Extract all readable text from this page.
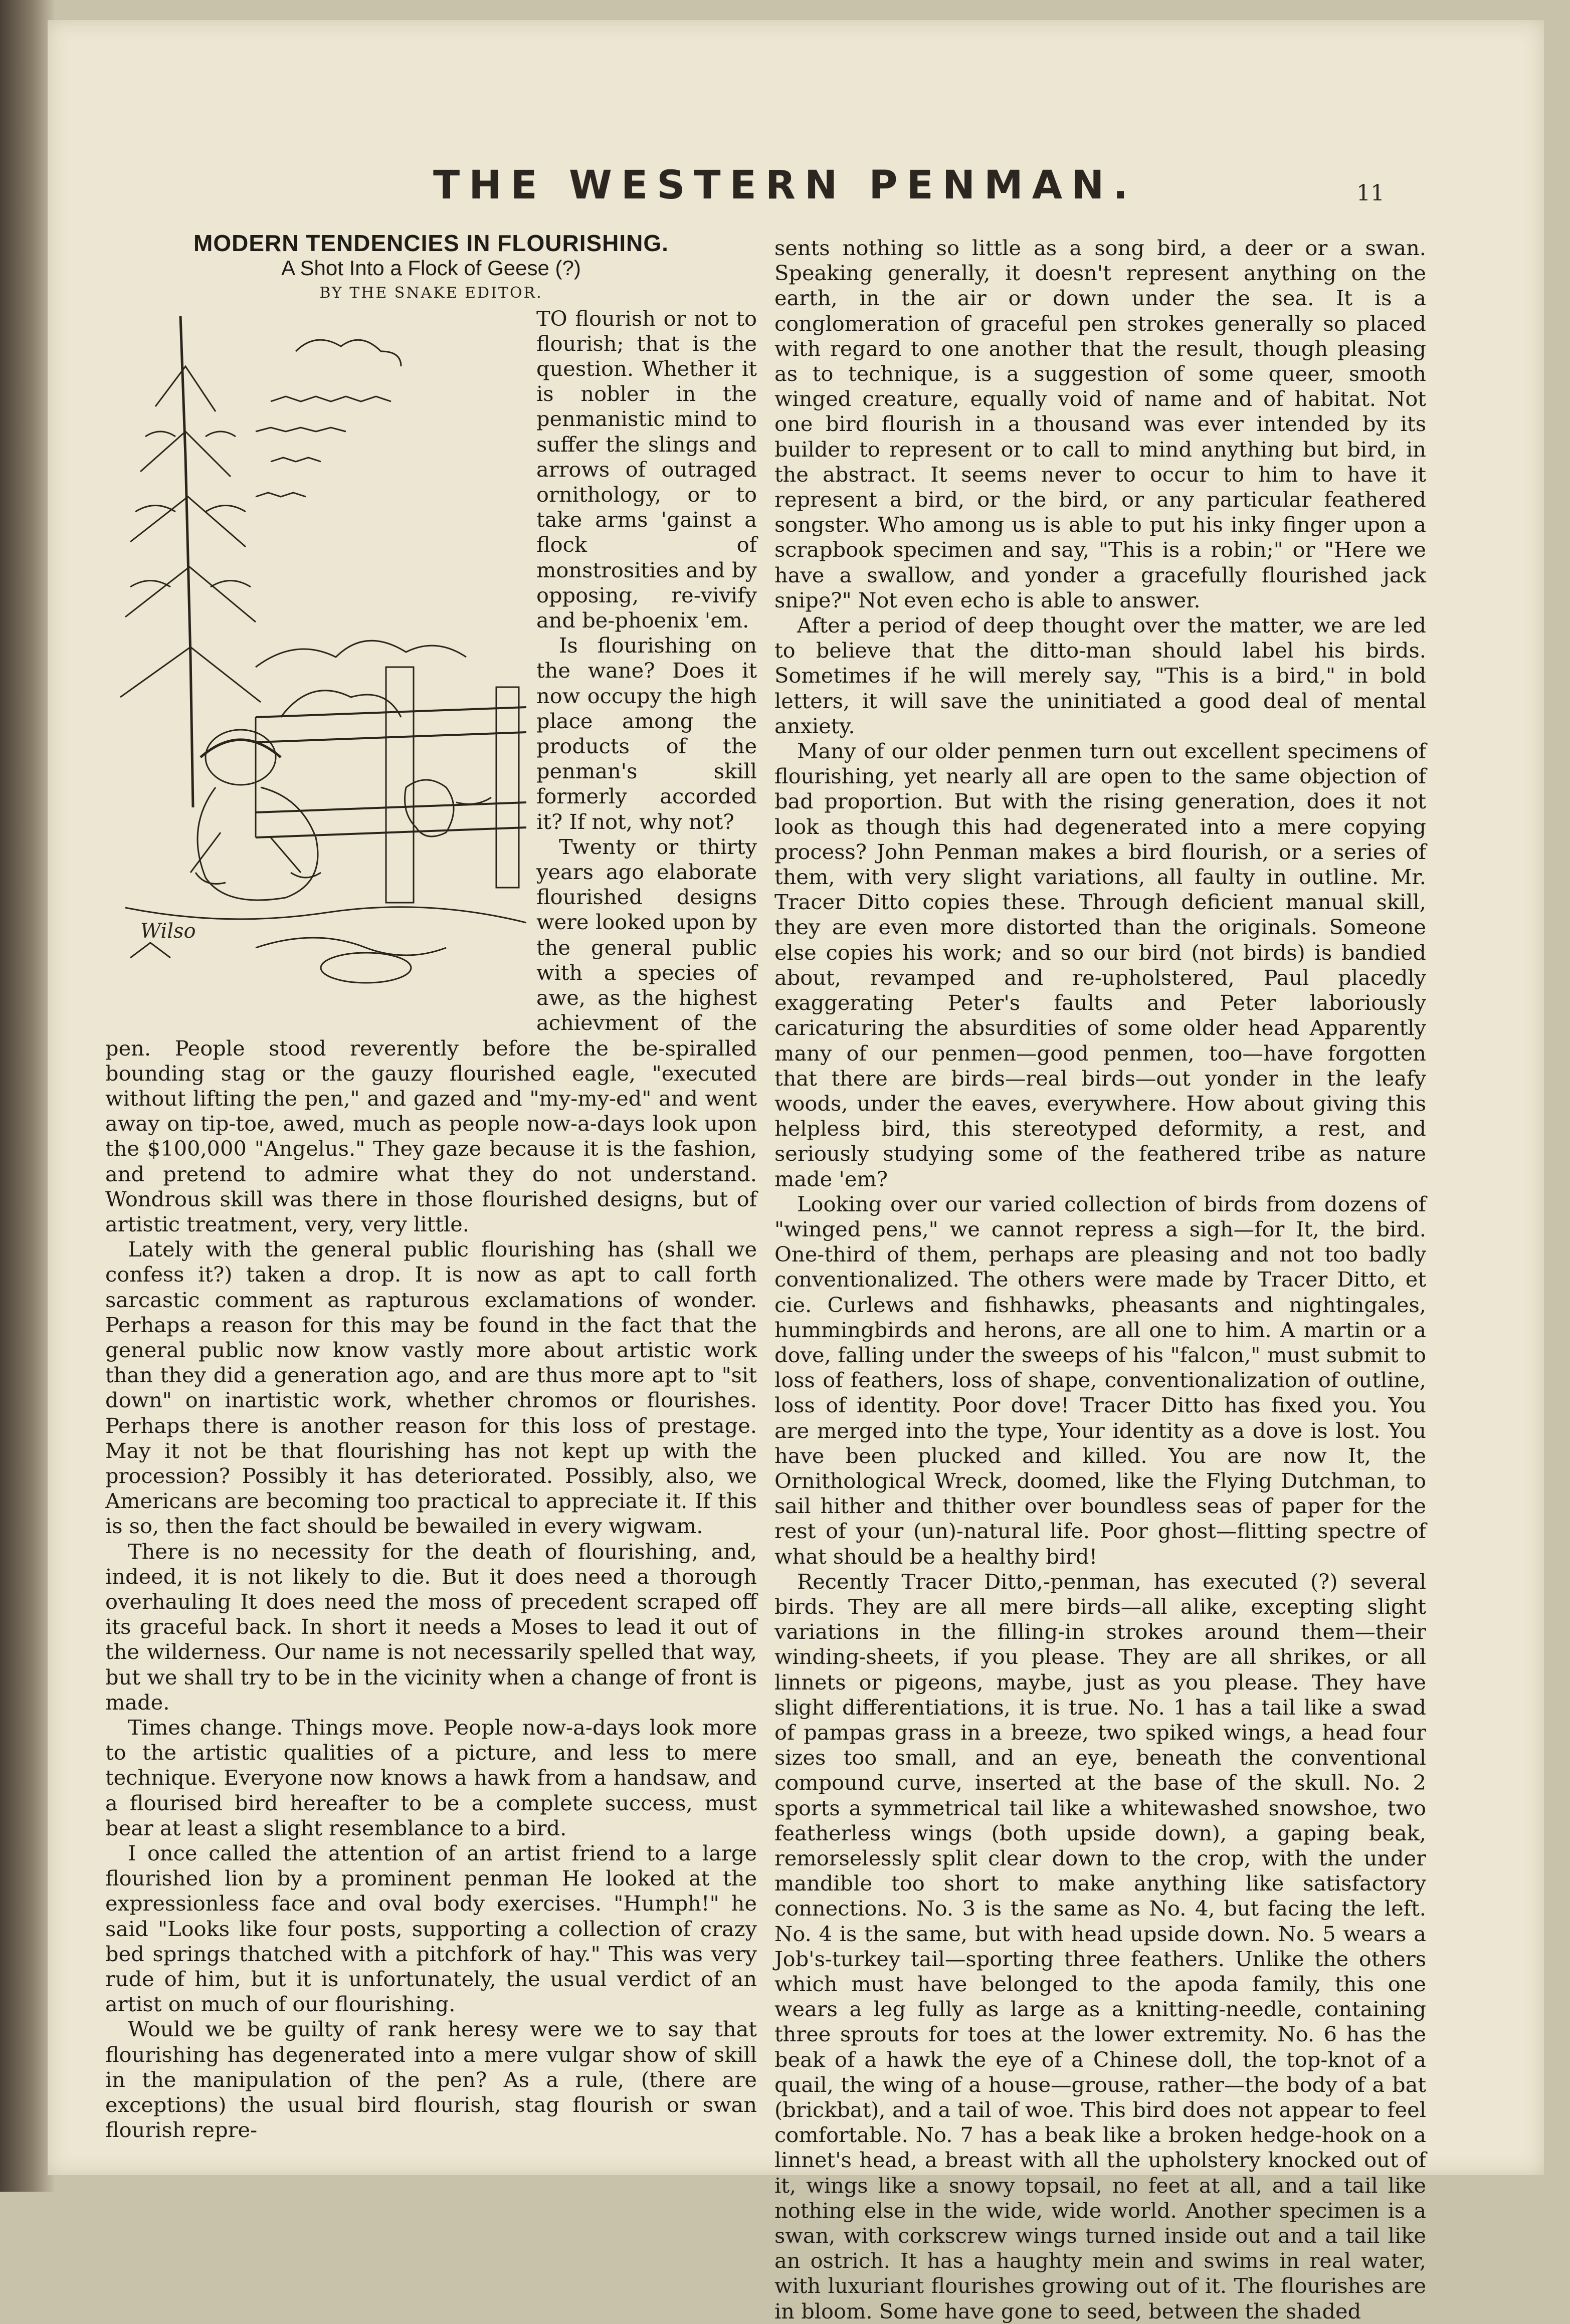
THE WESTERN PENMAN.	11

MODERN TENDENCIES IN FLOURISHING.

A Shot Into a Flock of Geese (?)

BY THE SNAKE EDITOR.

Wilso

TO flourish or not to flourish; that is the question. Whether it is nobler in the penmanistic mind to suffer the slings and arrows of outraged ornithology, or to take arms 'gainst a flock of monstrosities and by opposing, re-vivify and be-phoenix 'em.

Is flourishing on the wane? Does it now occupy the high place among the products of the penman's skill formerly accorded it? If not, why not?

Twenty or thirty years ago elaborate flourished designs were looked upon by the general public with a species of awe, as the highest achievment of the pen. People stood reverently before the be-spiralled bounding stag or the gauzy flourished eagle, "executed without lifting the pen," and gazed and "my-my-ed" and went away on tip-toe, awed, much as people now-a-days look upon the $100,000 "Angelus." They gaze because it is the fashion, and pretend to admire what they do not understand. Wondrous skill was there in those flourished designs, but of artistic treatment, very, very little.

Lately with the general public flourishing has (shall we confess it?) taken a drop. It is now as apt to call forth sarcastic comment as rapturous exclamations of wonder. Perhaps a reason for this may be found in the fact that the general public now know vastly more about artistic work than they did a generation ago, and are thus more apt to "sit down" on inartistic work, whether chromos or flourishes. Perhaps there is another reason for this loss of prestage. May it not be that flourishing has not kept up with the procession? Possibly it has deteriorated. Possibly, also, we Americans are becoming too practical to appreciate it. If this is so, then the fact should be bewailed in every wigwam.

There is no necessity for the death of flourishing, and, indeed, it is not likely to die. But it does need a thorough overhauling It does need the moss of precedent scraped off its graceful back. In short it needs a Moses to lead it out of the wilderness. Our name is not necessarily spelled that way, but we shall try to be in the vicinity when a change of front is made.

Times change. Things move. People now-a-days look more to the artistic qualities of a picture, and less to mere technique. Everyone now knows a hawk from a handsaw, and a flourised bird hereafter to be a complete success, must bear at least a slight resemblance to a bird.

I once called the attention of an artist friend to a large flourished lion by a prominent penman He looked at the expressionless face and oval body exercises. "Humph!" he said "Looks like four posts, supporting a collection of crazy bed springs thatched with a pitchfork of hay." This was very rude of him, but it is unfortunately, the usual verdict of an artist on much of our flourishing.

Would we be guilty of rank heresy were we to say that flourishing has degenerated into a mere vulgar show of skill in the manipulation of the pen? As a rule, (there are exceptions) the usual bird flourish, stag flourish or swan flourish repre-

sents nothing so little as a song bird, a deer or a swan. Speaking generally, it doesn't represent anything on the earth, in the air or down under the sea. It is a conglomeration of graceful pen strokes generally so placed with regard to one another that the result, though pleasing as to technique, is a suggestion of some queer, smooth winged creature, equally void of name and of habitat. Not one bird flourish in a thousand was ever intended by its builder to represent or to call to mind anything but bird, in the abstract. It seems never to occur to him to have it represent a bird, or the bird, or any particular feathered songster. Who among us is able to put his inky finger upon a scrapbook specimen and say, "This is a robin;" or "Here we have a swallow, and yonder a gracefully flourished jack snipe?" Not even echo is able to answer.

After a period of deep thought over the matter, we are led to believe that the ditto-man should label his birds. Sometimes if he will merely say, "This is a bird," in bold letters, it will save the uninitiated a good deal of mental anxiety.

Many of our older penmen turn out excellent specimens of flourishing, yet nearly all are open to the same objection of bad proportion. But with the rising generation, does it not look as though this had degenerated into a mere copying process? John Penman makes a bird flourish, or a series of them, with very slight variations, all faulty in outline. Mr. Tracer Ditto copies these. Through deficient manual skill, they are even more distorted than the originals. Someone else copies his work; and so our bird (not birds) is bandied about, revamped and re-upholstered, Paul placedly exaggerating Peter's faults and Peter laboriously caricaturing the absurdities of some older head Apparently many of our penmen—good penmen, too—have forgotten that there are birds—real birds—out yonder in the leafy woods, under the eaves, everywhere. How about giving this helpless bird, this stereotyped deformity, a rest, and seriously studying some of the feathered tribe as nature made 'em?

Looking over our varied collection of birds from dozens of "winged pens," we cannot repress a sigh—for It, the bird. One-third of them, perhaps are pleasing and not too badly conventionalized. The others were made by Tracer Ditto, et cie. Curlews and fishhawks, pheasants and nightingales, hummingbirds and herons, are all one to him. A martin or a dove, falling under the sweeps of his "falcon," must submit to loss of feathers, loss of shape, conventionalization of outline, loss of identity. Poor dove! Tracer Ditto has fixed you. You are merged into the type, Your identity as a dove is lost. You have been plucked and killed. You are now It, the Ornithological Wreck, doomed, like the Flying Dutchman, to sail hither and thither over boundless seas of paper for the rest of your (un)-natural life. Poor ghost—flitting spectre of what should be a healthy bird!

Recently Tracer Ditto,-penman, has executed (?) several birds. They are all mere birds—all alike, excepting slight variations in the filling-in strokes around them—their winding-sheets, if you please. They are all shrikes, or all linnets or pigeons, maybe, just as you please. They have slight differentiations, it is true. No. 1 has a tail like a swad of pampas grass in a breeze, two spiked wings, a head four sizes too small, and an eye, beneath the conventional compound curve, inserted at the base of the skull. No. 2 sports a symmetrical tail like a whitewashed snowshoe, two featherless wings (both upside down), a gaping beak, remorselessly split clear down to the crop, with the under mandible too short to make anything like satisfactory connections. No. 3 is the same as No. 4, but facing the left. No. 4 is the same, but with head upside down. No. 5 wears a Job's-turkey tail—sporting three feathers. Unlike the others which must have belonged to the apoda family, this one wears a leg fully as large as a knitting-needle, containing three sprouts for toes at the lower extremity. No. 6 has the beak of a hawk the eye of a Chinese doll, the top-knot of a quail, the wing of a house—grouse, rather—the body of a bat (brickbat), and a tail of woe. This bird does not appear to feel comfortable. No. 7 has a beak like a broken hedge-hook on a linnet's head, a breast with all the upholstery knocked out of it, wings like a snowy topsail, no feet at all, and a tail like nothing else in the wide, wide world. Another specimen is a swan, with corkscrew wings turned inside out and a tail like an ostrich. It has a haughty mein and swims in real water, with luxuriant flourishes growing out of it. The flourishes are in bloom. Some have gone to seed, between the shaded
